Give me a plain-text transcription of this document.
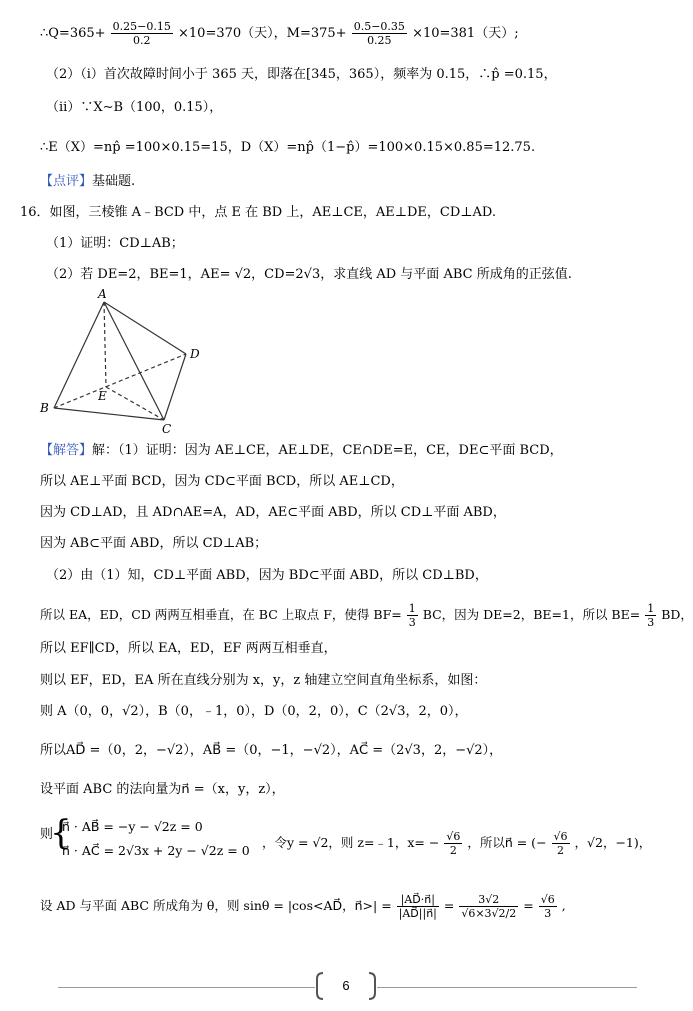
∴Q=365+ $\frac{0.25-0.15}{0.2} \times 10=370$（天），$M=375+ \frac{0.5-0.35}{0.25} \times 10=381$（天）;
（2）（i）首次故障时间小于 365 天，即落在[345，365），频率为 0.15，∴p̂ =0.15，
（ii）∵X∼B（100，0.15），
∴E（X）=np̂ =100×0.15=15，D（X）=np̂（1−p̂）=100×0.15×0.85=12.75.
【点评】基础题.
16．如图，三棱锥 A﹣BCD 中，点 E 在 BD 上，AE⊥CE，AE⊥DE，CD⊥AD.
（1）证明：CD⊥AB；
（2）若 DE=2，BE=1，AE= √2，CD=2√3，求直线 AD 与平面 ABC 所成角的正弦值.
A
B
C
D
E
【解答】解：（1）证明：因为 AE⊥CE，AE⊥DE，CE∩DE=E，CE，DE⊂平面 BCD，
所以 AE⊥平面 BCD，因为 CD⊂平面 BCD，所以 AE⊥CD，
因为 CD⊥AD，且 AD∩AE=A，AD，AE⊂平面 ABD，所以 CD⊥平面 ABD，
因为 AB⊂平面 ABD，所以 CD⊥AB；
（2）由（1）知，CD⊥平面 ABD，因为 BD⊂平面 ABD，所以 CD⊥BD，
所以 EA，ED，CD 两两互相垂直，在 BC 上取点 F，使得 $BF= \frac{1}{3}$ BC，因为 DE=2，BE=1，所以 $BE= \frac{1}{3}$ BD，
所以 EF∥CD，所以 EA，ED，EF 两两互相垂直，
则以 EF，ED，EA 所在直线分别为 x，y，z 轴建立空间直角坐标系，如图：
则 A（0，0，√2），B（0，﹣1，0），D（0，2，0），C（2√3，2，0），
所以AD⃗ =（0，2，−√2），AB⃗ =（0，−1，−√2），AC⃗ =（2√3，2，−√2），
设平面 ABC 的法向量为n⃗ =（x，y，z），
则
{
n⃗ · AB⃗ = −y − √2z = 0
n⃗ · AC⃗ = 2√3x + 2y − √2z = 0
，令y = √2，则 z=﹣1，$x= - \frac{√6}{2}$ ，所以n⃗ = (− $\frac{√6}{2}$ ，√2，−1)，
设 AD 与平面 ABC 所成角为 θ，则 sinθ = |cos<AD⃗，n⃗>| = $\frac{|AD⃗\cdot n⃗|}{|AD⃗||n⃗|} = \frac{3√2}{√6\times 3√2/2} = \frac{√6}{3}$ ,
6
